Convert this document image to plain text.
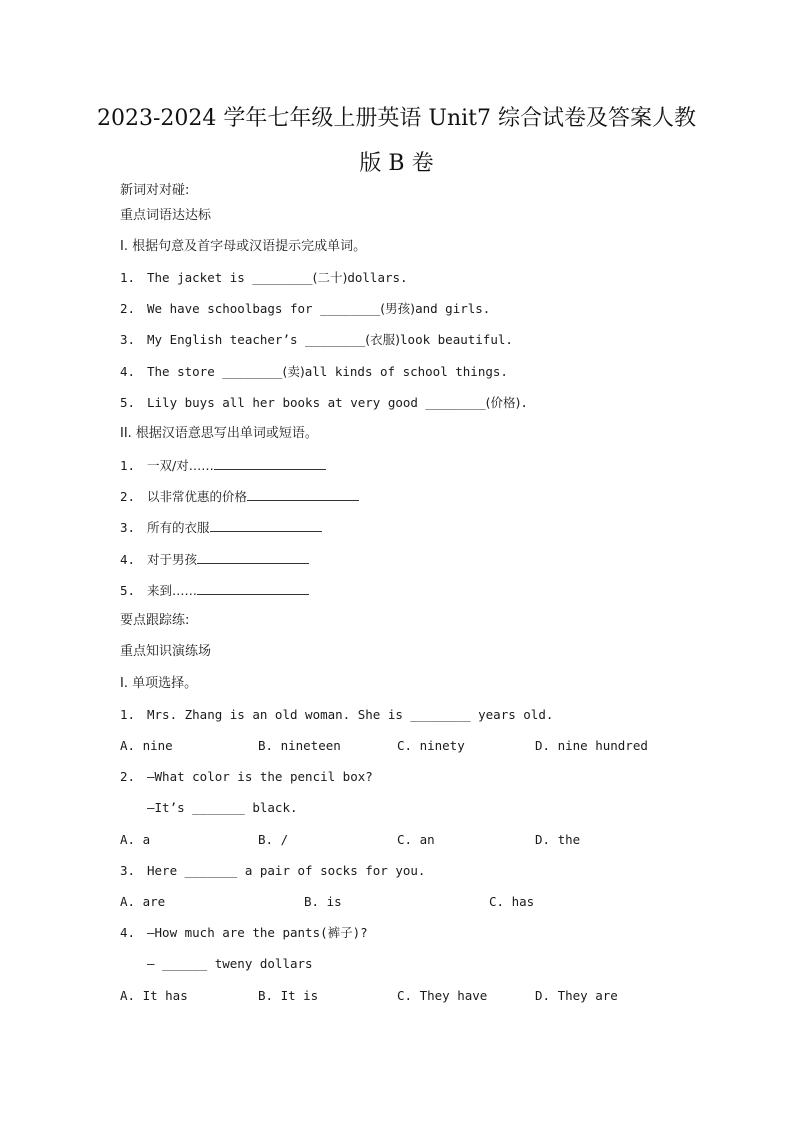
2023-2024 学年七年级上册英语 Unit7 综合试卷及答案人教
版 B 卷
新词对对碰:
重点词语达达标
I. 根据句意及首字母或汉语提示完成单词。
1. The jacket is ________(二十)dollars.
2. We have schoolbags for ________(男孩)and girls.
3. My English teacher’s ________(衣服)look beautiful.
4. The store ________(卖)all kinds of school things.
5. Lily buys all her books at very good ________(价格).
II. 根据汉语意思写出单词或短语。
1. 一双/对……
2. 以非常优惠的价格
3. 所有的衣服
4. 对于男孩
5. 来到……
要点跟踪练:
重点知识演练场
I. 单项选择。
1. Mrs. Zhang is an old woman. She is ________ years old.
A. nine	B. nineteen	C. ninety	D. nine hundred
2. —What color is the pencil box?
—It’s _______ black.
A. a	B. /	C. an	D. the
3. Here _______ a pair of socks for you.
A. are	B. is	C. has
4. —How much are the pants(裤子)?
— ______ tweny dollars
A. It has	B. It is	C. They have	D. They are
